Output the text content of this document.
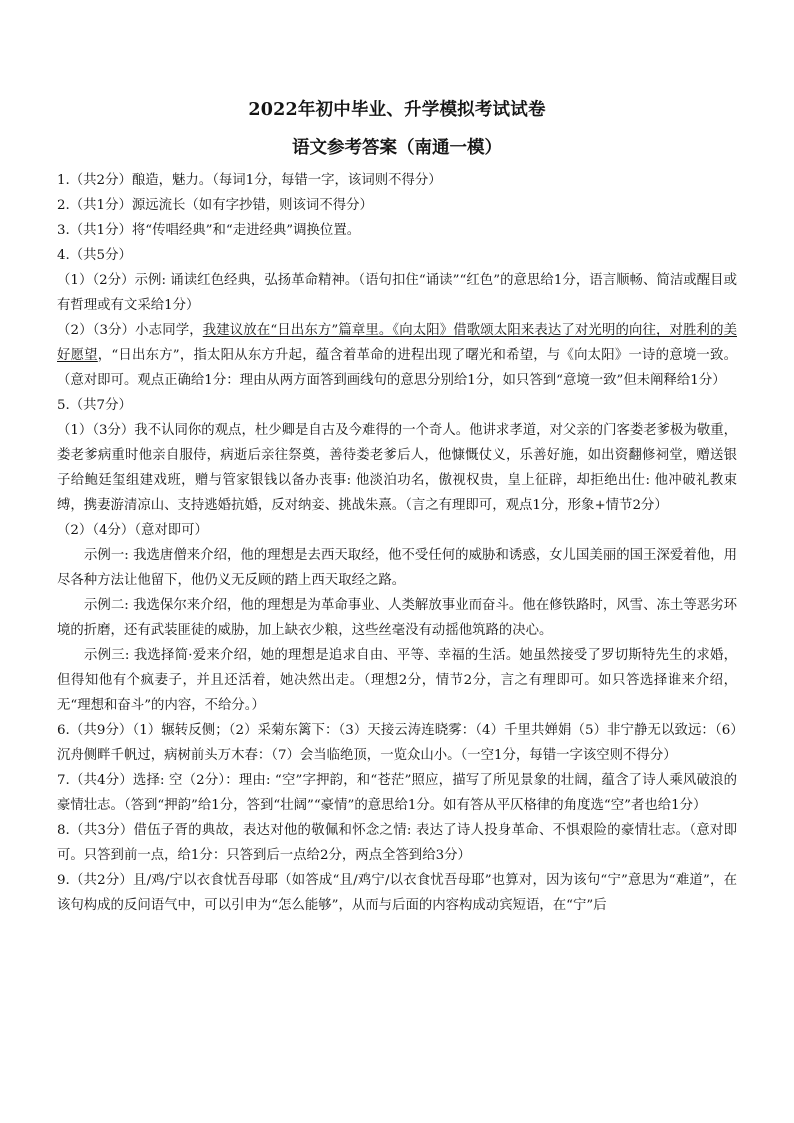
2022年初中毕业、升学模拟考试试卷
语文参考答案（南通一模）

1.（共2分）酿造，魅力。（每词1分，每错一字，该词则不得分）

2.（共1分）源远流长（如有字抄错，则该词不得分）

3.（共1分）将“传唱经典”和“走进经典”调换位置。

4.（共5分）

（1）（2分）示例: 诵读红色经典，弘扬革命精神。（语句扣住“诵读”“红色”的意思给1分，语言顺畅、简洁或醒目或有哲理或有文采给1分）

（2）（3分）小志同学，我建议放在“日出东方”篇章里。《向太阳》借歌颂太阳来表达了对光明的向往，对胜利的美好愿望，“日出东方”，指太阳从东方升起，蕴含着革命的进程出现了曙光和希望，与《向太阳》一诗的意境一致。（意对即可。观点正确给1分：理由从两方面答到画线句的意思分别给1分，如只答到“意境一致”但未阐释给1分）

5.（共7分）

（1）（3分）我不认同你的观点，杜少卿是自古及今难得的一个奇人。他讲求孝道，对父亲的门客娄老爹极为敬重，娄老爹病重时他亲自服侍，病逝后亲往祭奠，善待娄老爹后人，他慷慨仗义，乐善好施，如出资翻修祠堂，赠送银子给鲍廷玺组建戏班，赠与管家银钱以备办丧事: 他淡泊功名，傲视权贵，皇上征辟，却拒绝出仕: 他冲破礼教束缚，携妻游清凉山、支持逃婚抗婚，反对纳妾、挑战朱熹。（言之有理即可，观点1分，形象+情节2分）

（2）（4分）（意对即可）

示例一: 我选唐僧来介绍，他的理想是去西天取经，他不受任何的威胁和诱惑，女儿国美丽的国王深爱着他，用尽各种方法让他留下，他仍义无反顾的踏上西天取经之路。

示例二: 我选保尔来介绍，他的理想是为革命事业、人类解放事业而奋斗。他在修铁路时，风雪、冻土等恶劣环境的折磨，还有武装匪徒的威胁，加上缺衣少粮，这些丝毫没有动摇他筑路的决心。

示例三: 我选择简·爱来介绍，她的理想是追求自由、平等、幸福的生活。她虽然接受了罗切斯特先生的求婚，但得知他有个疯妻子，并且还活着，她决然出走。（理想2分，情节2分，言之有理即可。如只答选择谁来介绍，无“理想和奋斗”的内容，不给分。）

6.（共9分）（1）辗转反侧；（2）采菊东篱下：（3）天接云涛连晓雾：（4）千里共婵娟（5）非宁静无以致远：（6）沉舟侧畔千帆过，病树前头万木春：（7）会当临绝顶，一览众山小。（一空1分，每错一字该空则不得分）

7.（共4分）选择: 空（2分）：理由: “空”字押韵，和“苍茫”照应，描写了所见景象的壮阔，蕴含了诗人乘风破浪的豪情壮志。（答到“押韵”给1分，答到“壮阔”“豪情”的意思给1分。如有答从平仄格律的角度选“空”者也给1分）

8.（共3分）借伍子胥的典故，表达对他的敬佩和怀念之情: 表达了诗人投身革命、不惧艰险的豪情壮志。（意对即可。只答到前一点，给1分：只答到后一点给2分，两点全答到给3分）

9.（共2分）且/鸡/宁以衣食忧吾母耶（如答成“且/鸡宁/以衣食忧吾母耶”也算对，因为该句“宁”意思为“难道”，在该句构成的反问语气中，可以引申为“怎么能够”，从而与后面的内容构成动宾短语，在“宁”后
